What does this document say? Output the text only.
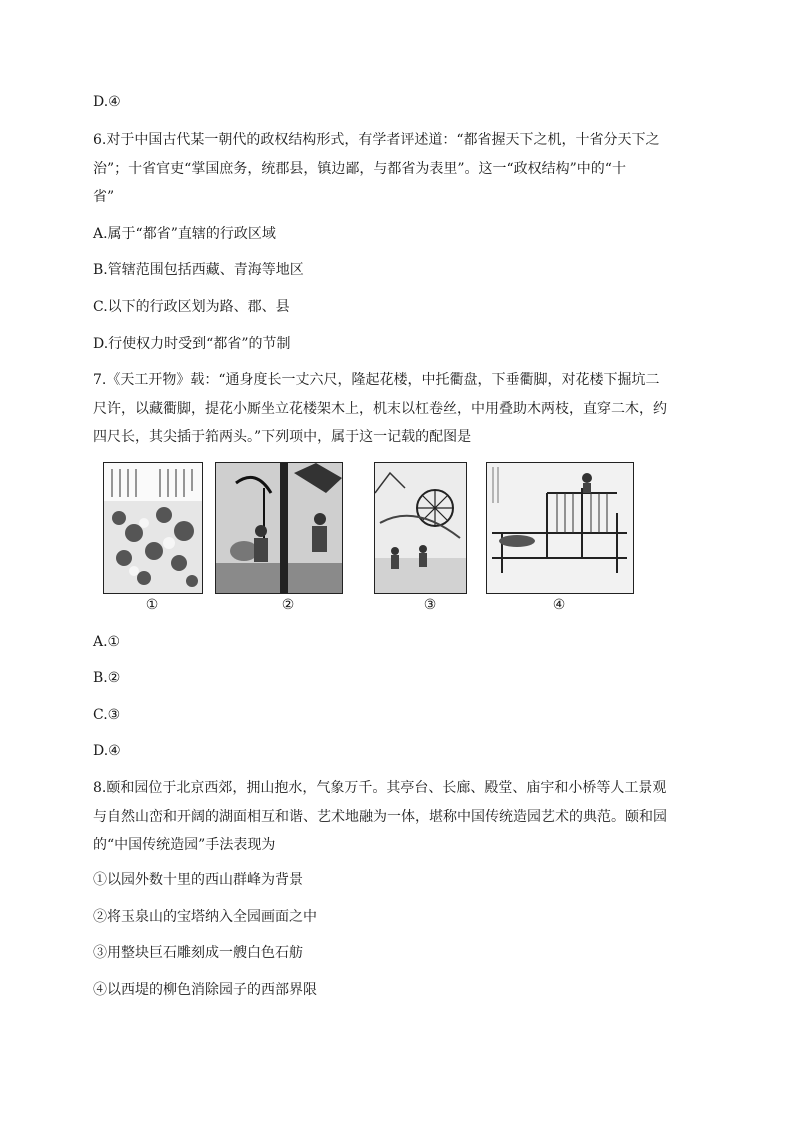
D.④
6.对于中国古代某一朝代的政权结构形式，有学者评述道：“都省握天下之机，十省分天下之
治”；十省官吏“掌国庶务，统郡县，镇边鄙，与都省为表里”。这一“政权结构”中的“十
省”
A.属于“都省”直辖的行政区域
B.管辖范围包括西藏、青海等地区
C.以下的行政区划为路、郡、县
D.行使权力时受到“都省”的节制
7.《天工开物》载：“通身度长一丈六尺，隆起花楼，中托衢盘，下垂衢脚，对花楼下掘坑二
尺许，以藏衢脚，提花小厮坐立花楼架木上，机末以杠卷丝，中用叠助木两枝，直穿二木，约
四尺长，其尖插于筘两头。”下列项中，属于这一记载的配图是
①	②	③	④
A.①
B.②
C.③
D.④
8.颐和园位于北京西郊，拥山抱水，气象万千。其亭台、长廊、殿堂、庙宇和小桥等人工景观
与自然山峦和开阔的湖面相互和谐、艺术地融为一体，堪称中国传统造园艺术的典范。颐和园
的“中国传统造园”手法表现为
①以园外数十里的西山群峰为背景
②将玉泉山的宝塔纳入全园画面之中
③用整块巨石雕刻成一艘白色石舫
④以西堤的柳色消除园子的西部界限
